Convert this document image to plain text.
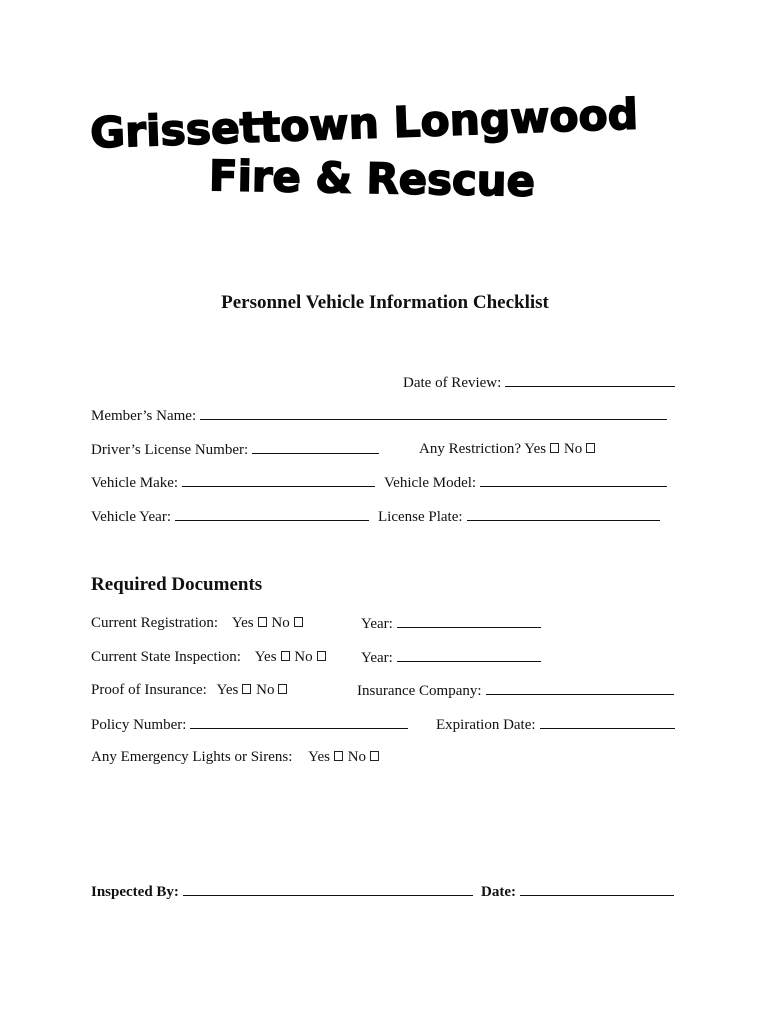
Grissettown Longwood
Fire & Rescue
Personnel Vehicle Information Checklist
Date of Review:
Member’s Name:
Driver’s License Number:	Any Restriction? Yes No
Vehicle Make:	Vehicle Model:
Vehicle Year:	License Plate:
Required Documents
Current Registration: Yes No	Year:
Current State Inspection: Yes No	Year:
Proof of Insurance: Yes No	Insurance Company:
Policy Number:	Expiration Date:
Any Emergency Lights or Sirens: Yes No
Inspected By:	Date:
